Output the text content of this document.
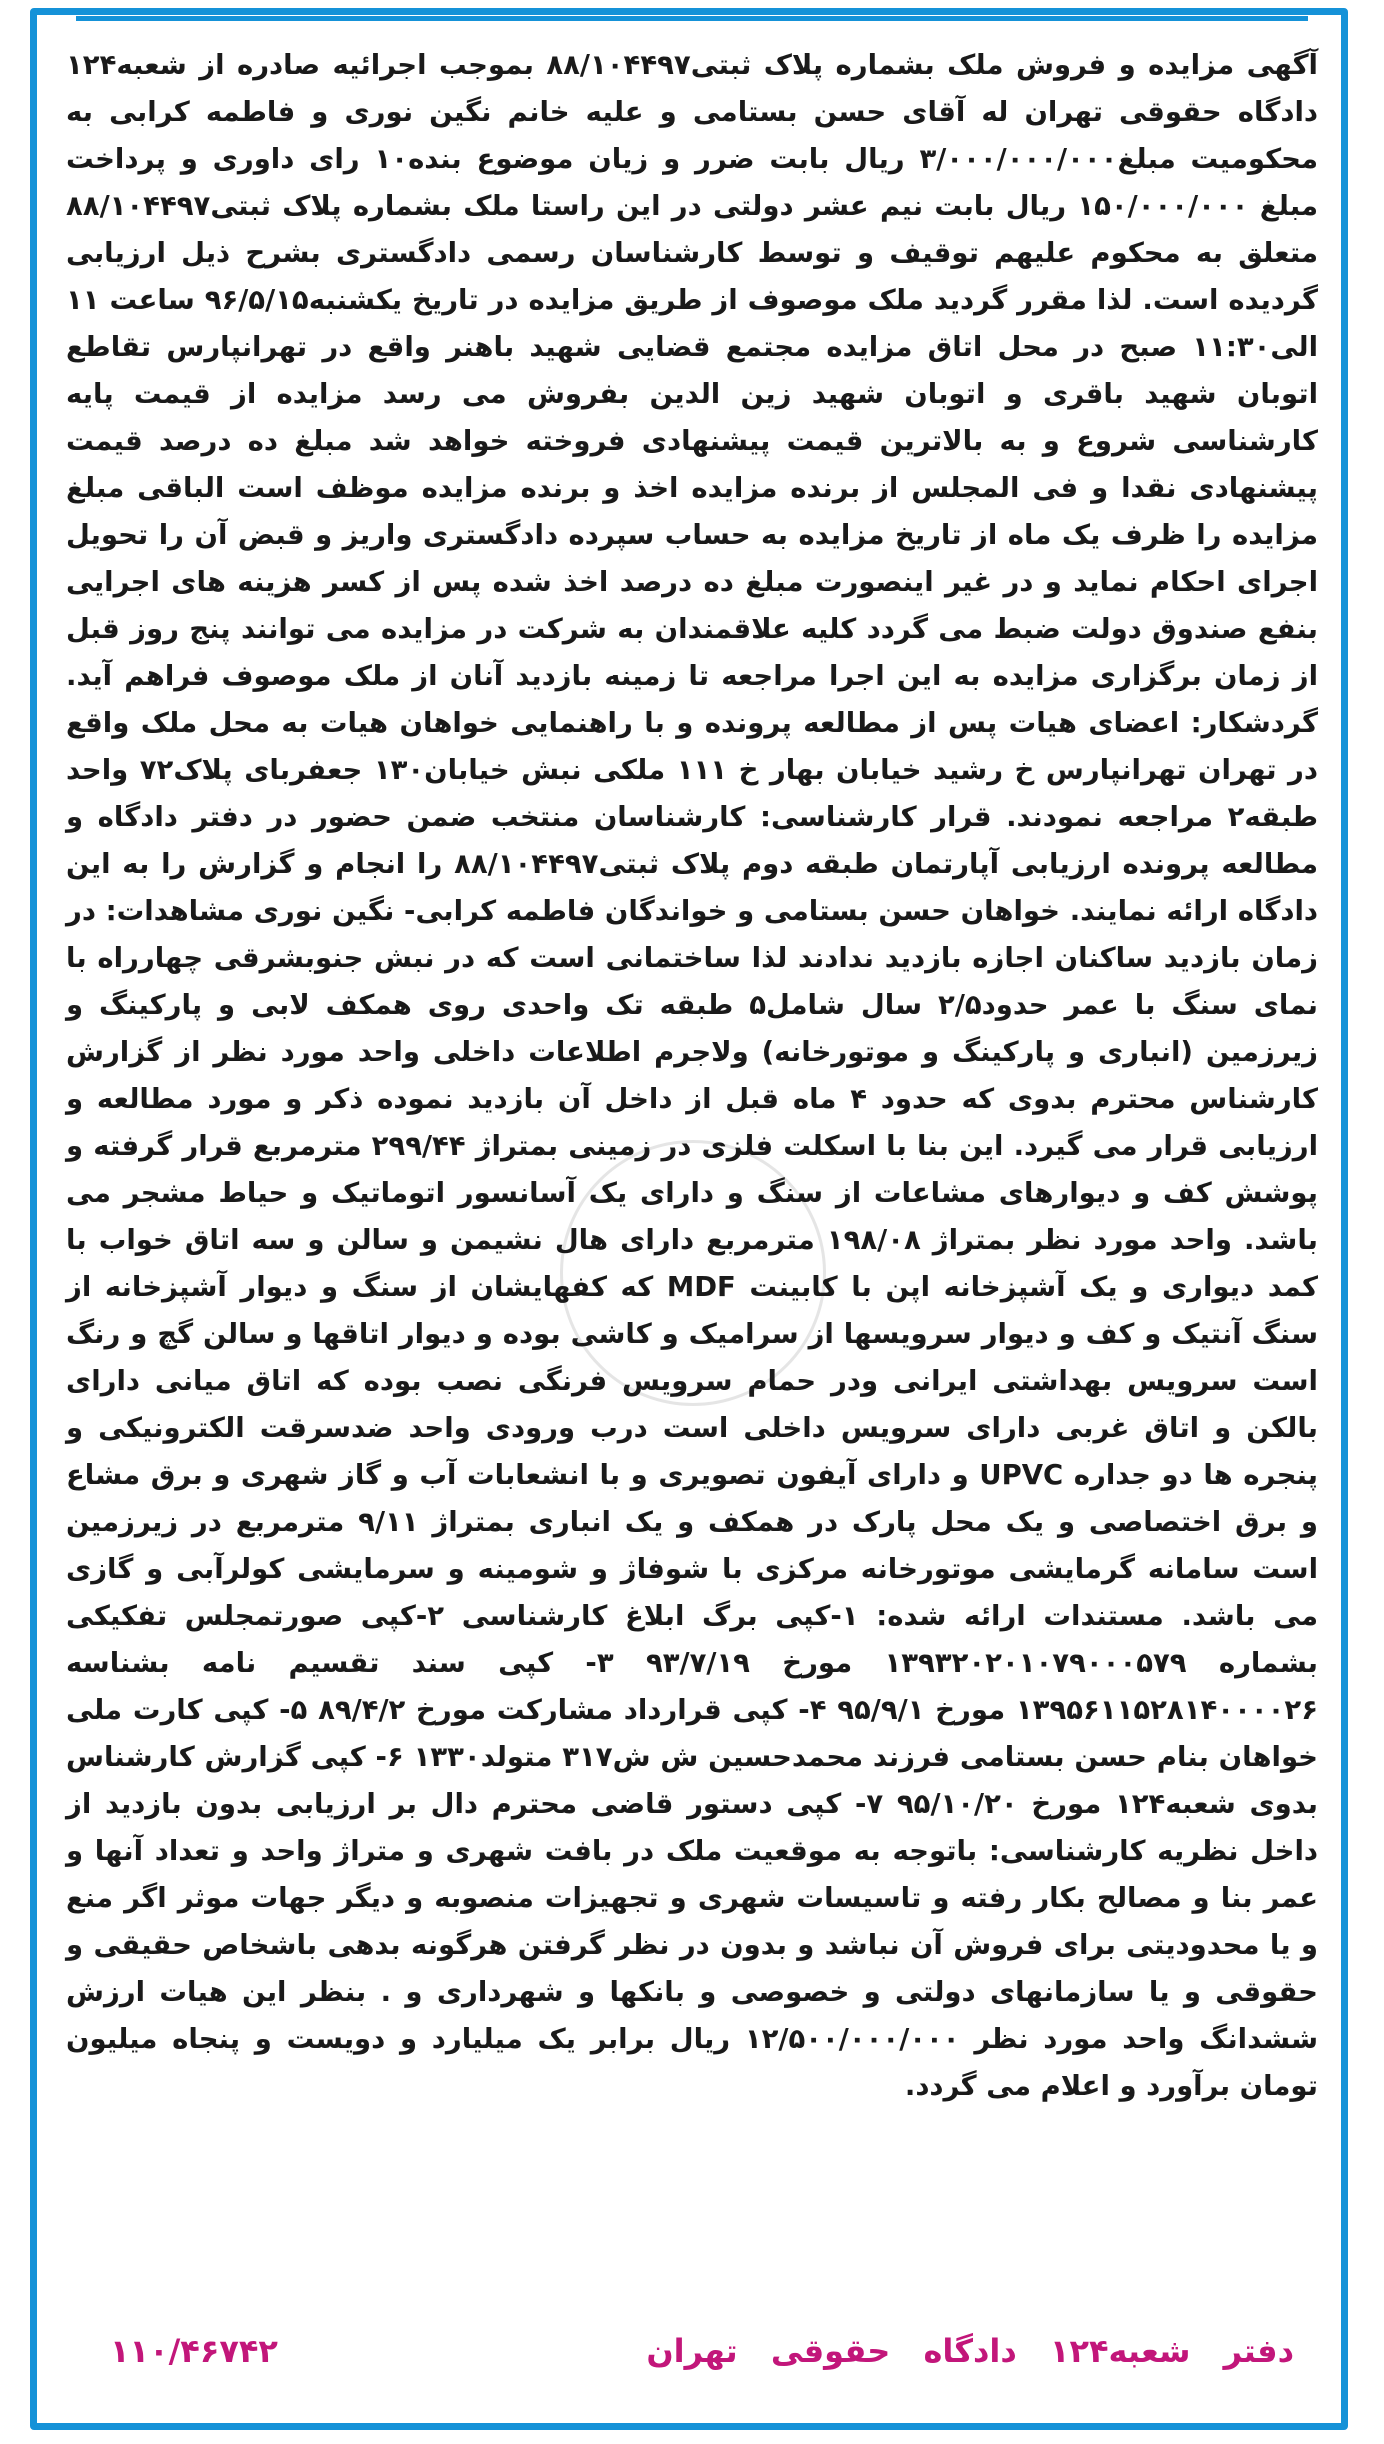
آگهی مزایده و فروش ملک بشماره پلاک ثبتی۸۸/۱۰۴۴۹۷ بموجب اجرائیه صادره از شعبه۱۲۴ دادگاه حقوقی تهران له آقای حسن بستامی و علیه خانم نگین نوری و فاطمه کرابی به محکومیت مبلغ۳/۰۰۰/۰۰۰/۰۰۰ ریال بابت ضرر و زیان موضوع بنده۱۰ رای داوری و پرداخت مبلغ ۱۵۰/۰۰۰/۰۰۰ ریال بابت نیم عشر دولتی در این راستا ملک بشماره پلاک ثبتی۸۸/۱۰۴۴۹۷ متعلق به محکوم علیهم توقیف و توسط کارشناسان رسمی دادگستری بشرح ذیل ارزیابی گردیده است. لذا مقرر گردید ملک موصوف از طریق مزایده در تاریخ یکشنبه۹۶/۵/۱۵ ساعت ۱۱ الی۱۱:۳۰ صبح در محل اتاق مزایده مجتمع قضایی شهید باهنر واقع در تهرانپارس تقاطع اتوبان شهید باقری و اتوبان شهید زین الدین بفروش می رسد مزایده از قیمت پایه کارشناسی شروع و به بالاترین قیمت پیشنهادی فروخته خواهد شد مبلغ ده درصد قیمت پیشنهادی نقدا و فی المجلس از برنده مزایده اخذ و برنده مزایده موظف است الباقی مبلغ مزایده را ظرف یک ماه از تاریخ مزایده به حساب سپرده دادگستری واریز و قبض آن را تحویل اجرای احکام نماید و در غیر اینصورت مبلغ ده درصد اخذ شده پس از کسر هزینه های اجرایی بنفع صندوق دولت ضبط می گردد کلیه علاقمندان به شرکت در مزایده می توانند پنج روز قبل از زمان برگزاری مزایده به این اجرا مراجعه تا زمینه بازدید آنان از ملک موصوف فراهم آید. گردشکار: اعضای هیات پس از مطالعه پرونده و با راهنمایی خواهان هیات به محل ملک واقع در تهران تهرانپارس خ رشید خیابان بهار خ ۱۱۱ ملکی نبش خیابان۱۳۰ جعفربای پلاک۷۲ واحد طبقه۲ مراجعه نمودند. قرار کارشناسی: کارشناسان منتخب ضمن حضور در دفتر دادگاه و مطالعه پرونده ارزیابی آپارتمان طبقه دوم پلاک ثبتی۸۸/۱۰۴۴۹۷ را انجام و گزارش را به این دادگاه ارائه نمایند. خواهان حسن بستامی و خواندگان فاطمه کرابی- نگین نوری مشاهدات: در زمان بازدید ساکنان اجازه بازدید ندادند لذا ساختمانی است که در نبش جنوبشرقی چهارراه با نمای سنگ با عمر حدود۲/۵ سال شامل۵ طبقه تک واحدی روی همکف لابی و پارکینگ و زیرزمین (انباری و پارکینگ و موتورخانه) ولاجرم اطلاعات داخلی واحد مورد نظر از گزارش کارشناس محترم بدوی که حدود ۴ ماه قبل از داخل آن بازدید نموده ذکر و مورد مطالعه و ارزیابی قرار می گیرد. این بنا با اسکلت فلزی در زمینی بمتراژ ۲۹۹/۴۴ مترمربع قرار گرفته و پوشش کف و دیوارهای مشاعات از سنگ و دارای یک آسانسور اتوماتیک و حیاط مشجر می باشد. واحد مورد نظر بمتراژ ۱۹۸/۰۸ مترمربع دارای هال نشیمن و سالن و سه اتاق خواب با کمد دیواری و یک آشپزخانه اپن با کابینت MDF که کفهایشان از سنگ و دیوار آشپزخانه از سنگ آنتیک و کف و دیوار سرویسها از سرامیک و کاشی بوده و دیوار اتاقها و سالن گچ و رنگ است سرویس بهداشتی ایرانی ودر حمام سرویس فرنگی نصب بوده که اتاق میانی دارای بالکن و اتاق غربی دارای سرویس داخلی است درب ورودی واحد ضدسرقت الکترونیکی و پنجره ها دو جداره UPVC و دارای آیفون تصویری و با انشعابات آب و گاز شهری و برق مشاع و برق اختصاصی و یک محل پارک در همکف و یک انباری بمتراژ ۹/۱۱ مترمربع در زیرزمین است سامانه گرمایشی موتورخانه مرکزی با شوفاژ و شومینه و سرمایشی کولرآبی و گازی می باشد. مستندات ارائه شده: ۱-کپی برگ ابلاغ کارشناسی ۲-کپی صورتمجلس تفکیکی بشماره ۱۳۹۳۲۰۲۰۱۰۷۹۰۰۰۵۷۹ مورخ ۹۳/۷/۱۹ ۳- کپی سند تقسیم نامه بشناسه ۱۳۹۵۶۱۱۵۲۸۱۴۰۰۰۰۲۶ مورخ ۹۵/۹/۱ ۴- کپی قرارداد مشارکت مورخ ۸۹/۴/۲ ۵- کپی کارت ملی خواهان بنام حسن بستامی فرزند محمدحسین ش ش۳۱۷ متولد۱۳۳۰ ۶- کپی گزارش کارشناس بدوی شعبه۱۲۴ مورخ ۹۵/۱۰/۲۰ ۷- کپی دستور قاضی محترم دال بر ارزیابی بدون بازدید از داخل نظریه کارشناسی: باتوجه به موقعیت ملک در بافت شهری و متراژ واحد و تعداد آنها و عمر بنا و مصالح بکار رفته و تاسیسات شهری و تجهیزات منصوبه و دیگر جهات موثر اگر منع و یا محدودیتی برای فروش آن نباشد و بدون در نظر گرفتن هرگونه بدهی باشخاص حقیقی و حقوقی و یا سازمانهای دولتی و خصوصی و بانکها و شهرداری و . بنظر این هیات ارزش ششدانگ واحد مورد نظر ۱۲/۵۰۰/۰۰۰/۰۰۰ ریال برابر یک میلیارد و دویست و پنجاه میلیون تومان برآورد و اعلام می گردد.

دفتر شعبه۱۲۴ دادگاه حقوقی تهران
۱۱۰/۴۶۷۴۲
